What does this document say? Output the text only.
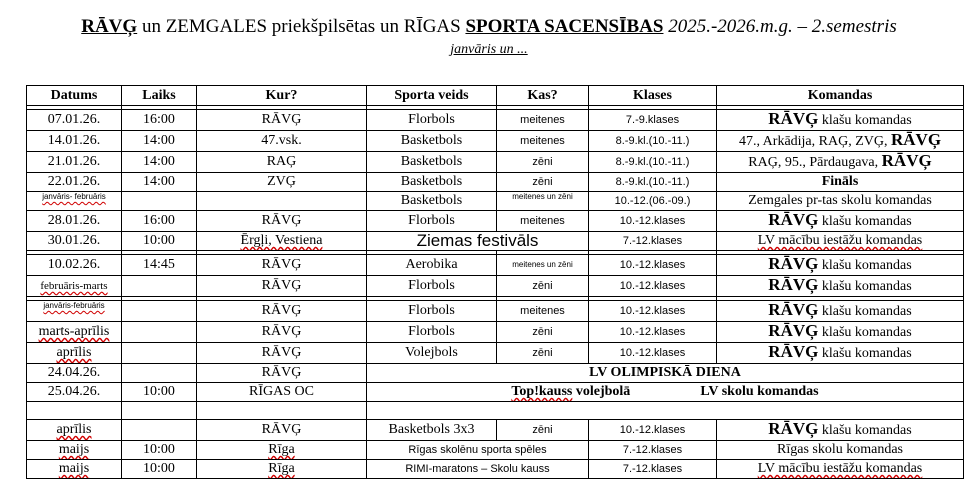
RĀVĢ un ZEMGALES priekšpilsētas un RĪGAS SPORTA SACENSĪBAS 2025.-2026.m.g. – 2.semestris
janvāris un ...
Datums	Laiks	Kur?	Sporta veids	Kas?	Klases	Komandas

07.01.26.	16:00	RĀVĢ	Florbols	meitenes	7.-9.klases	RĀVĢ klašu komandas
14.01.26.	14:00	47.vsk.	Basketbols	meitenes	8.-9.kl.(10.-11.)	47., Arkādija, RAĢ, ZVĢ, RĀVĢ
21.01.26.	14:00	RAĢ	Basketbols	zēni	8.-9.kl.(10.-11.)	RAĢ, 95., Pārdaugava, RĀVĢ
22.01.26.	14:00	ZVĢ	Basketbols	zēni	8.-9.kl.(10.-11.)	Fināls
janvāris- februāris			Basketbols	meitenes un zēni	10.-12.(06.-09.)	Zemgales pr-tas skolu komandas
28.01.26.	16:00	RĀVĢ	Florbols	meitenes	10.-12.klases	RĀVĢ klašu komandas
30.01.26.	10:00	Ērgļi, Vestiena	Ziemas festivāls		7.-12.klases	LV mācību iestāžu komandas

10.02.26.	14:45	RĀVĢ	Aerobika	meitenes un zēni	10.-12.klases	RĀVĢ klašu komandas
februāris-marts		RĀVĢ	Florbols	zēni	10.-12.klases	RĀVĢ klašu komandas

janvāris-februāris		RĀVĢ	Florbols	meitenes	10.-12.klases	RĀVĢ klašu komandas
marts-aprīlis		RĀVĢ	Florbols	zēni	10.-12.klases	RĀVĢ klašu komandas
aprīlis		RĀVĢ	Volejbols	zēni	10.-12.klases	RĀVĢ klašu komandas
24.04.26.		RĀVĢ	LV OLIMPISKĀ DIENA			
25.04.26.	10:00	RĪGAS OC	Top!kauss volejbolā LV skolu komandas			

aprīlis		RĀVĢ	Basketbols 3x3	zēni	10.-12.klases	RĀVĢ klašu komandas
maijs	10:00	Rīga	Rīgas skolēnu sporta spēles		7.-12.klases	Rīgas skolu komandas
maijs	10:00	Rīga	RIMI-maratons – Skolu kauss		7.-12.klases	LV mācību iestāžu komandas
